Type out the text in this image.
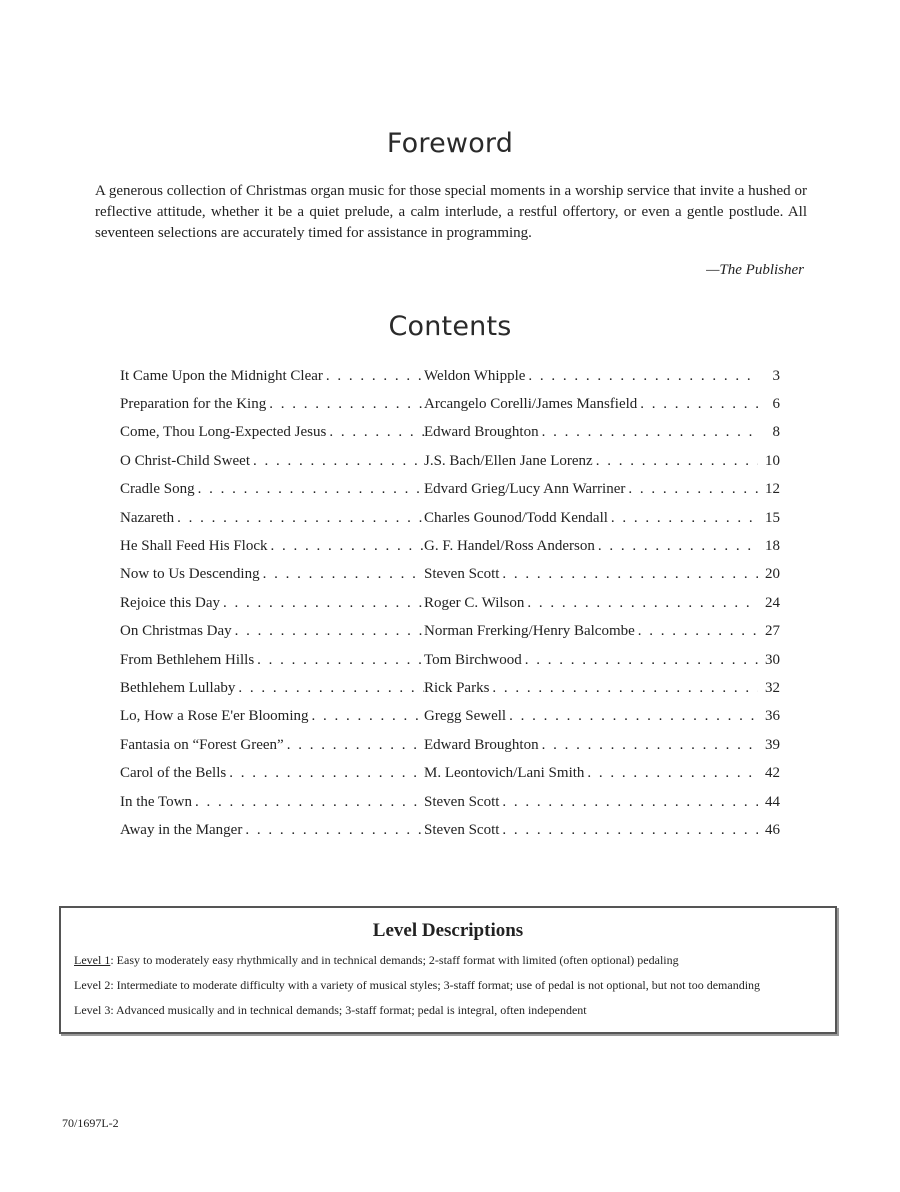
Foreword

A generous collection of Christmas organ music for those special moments in a worship service that invite a hushed or reflective attitude, whether it be a quiet prelude, a calm interlude, a restful offertory, or even a gentle postlude. All seventeen selections are accurately timed for assistance in programming.

—The Publisher

Contents
It Came Upon the Midnight Clear . . .	Weldon Whipple . . .	3
Preparation for the King . . .	Arcangelo Corelli/James Mansfield . . .	6
Come, Thou Long-Expected Jesus . . .	Edward Broughton . . .	8
O Christ-Child Sweet . . .	J.S. Bach/Ellen Jane Lorenz . . .	10
Cradle Song . . .	Edvard Grieg/Lucy Ann Warriner . . .	12
Nazareth . . .	Charles Gounod/Todd Kendall . . .	15
He Shall Feed His Flock . . .	G. F. Handel/Ross Anderson . . .	18
Now to Us Descending . . .	Steven Scott . . .	20
Rejoice this Day . . .	Roger C. Wilson . . .	24
On Christmas Day . . .	Norman Frerking/Henry Balcombe . . .	27
From Bethlehem Hills . . .	Tom Birchwood . . .	30
Bethlehem Lullaby . . .	Rick Parks . . .	32
Lo, How a Rose E'er Blooming . . .	Gregg Sewell . . .	36
Fantasia on “Forest Green” . . .	Edward Broughton . . .	39
Carol of the Bells . . .	M. Leontovich/Lani Smith . . .	42
In the Town . . .	Steven Scott . . .	44
Away in the Manger . . .	Steven Scott . . .	46

Level Descriptions

Level 1: Easy to moderately easy rhythmically and in technical demands; 2-staff format with limited (often optional) pedaling

Level 2: Intermediate to moderate difficulty with a variety of musical styles; 3-staff format; use of pedal is not optional, but not too demanding

Level 3: Advanced musically and in technical demands; 3-staff format; pedal is integral, often independent

70/1697L-2
